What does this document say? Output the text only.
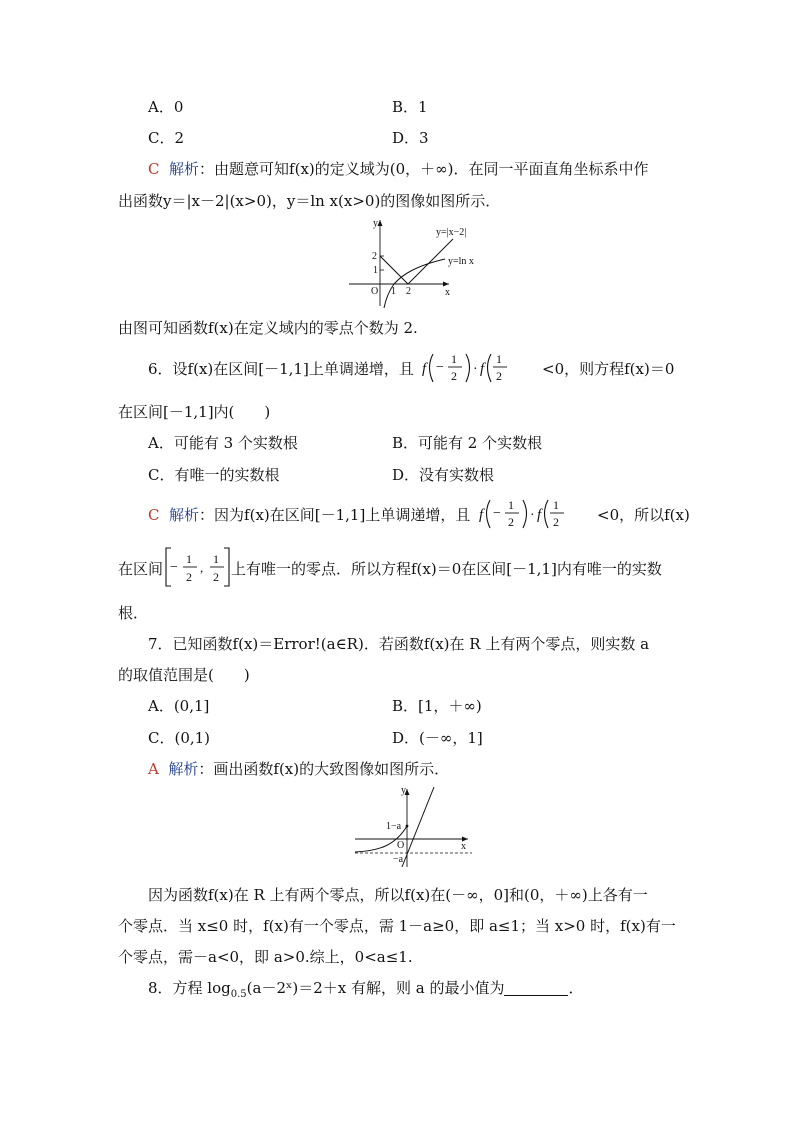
A．0	B．1
C．2	D．3
C 解析：由题意可知f(x)的定义域为(0，＋∞)．在同一平面直角坐标系中作
出函数y＝|x－2|(x>0)，y＝ln x(x>0)的图像如图所示．
y
x
O 1 2
1
2
y=|x−2|
y=ln x
由图可知函数f(x)在定义域内的零点个数为 2.
6．设f(x)在区间[－1,1]上单调递增，且 f −
1
2 · f
1
2	<0，则方程f(x)＝0
在区间[－1,1]内(　　)
A．可能有 3 个实数根	B．可能有 2 个实数根
C．有唯一的实数根	D．没有实数根
C 解析：因为f(x)在区间[－1,1]上单调递增，且 f −
1
2 · f
1
2	<0，所以f(x)
在区间 −
1
2
,
1
2 上有唯一的零点．所以方程f(x)＝0在区间[－1,1]内有唯一的实数
根．
7．已知函数f(x)＝Error!(a∈R)．若函数f(x)在 R 上有两个零点，则实数 a
的取值范围是(　　)
A．(0,1]	B．[1，＋∞)
C．(0,1)	D．(－∞，1]
A 解析：画出函数f(x)的大致图像如图所示．
y
x
O
1−a
−a
因为函数f(x)在 R 上有两个零点，所以f(x)在(－∞，0]和(0，＋∞)上各有一
个零点．当 x≤0 时，f(x)有一个零点，需 1－a≥0，即 a≤1；当 x>0 时，f(x)有一
个零点，需－a<0，即 a>0.综上，0<a≤1.
8．方程 $\log_{0.5}(a-2ˣ)=2+x$ 有解，则 a 的最小值为	．
